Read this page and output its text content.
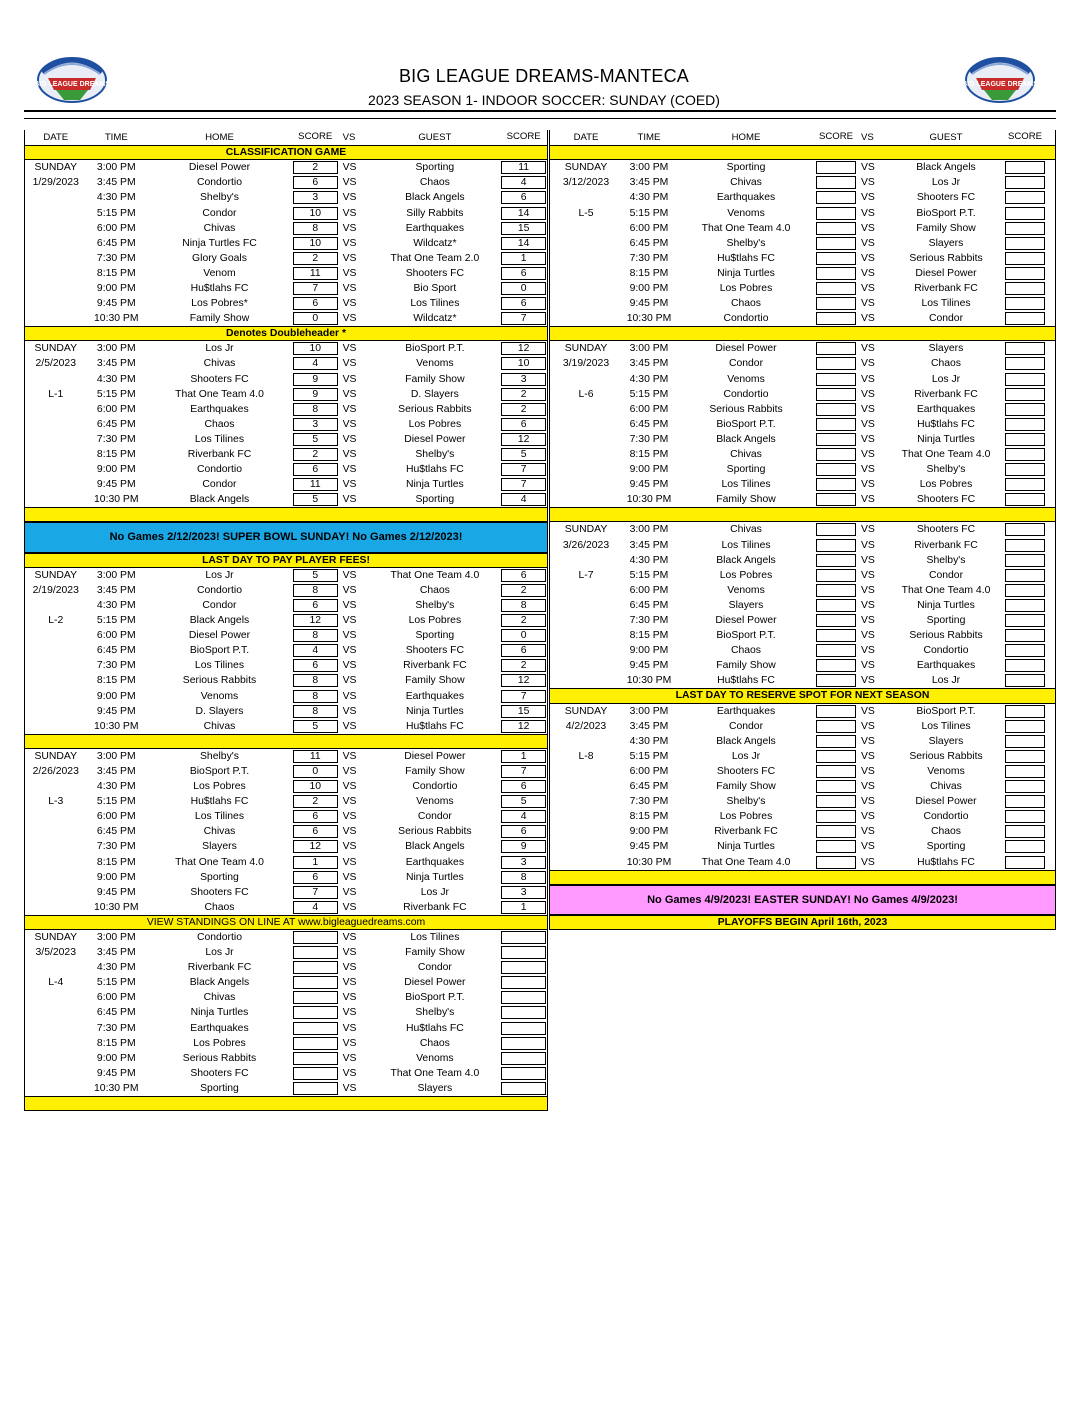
BIG LEAGUE DREAMS	BIG LEAGUE DREAMS
BIG LEAGUE DREAMS-MANTECA
2023 SEASON 1- INDOOR SOCCER: SUNDAY (COED)
DATE	TIME	HOME	SCORE	VS	GUEST	SCORE
CLASSIFICATION GAME
SUNDAY	3:00 PM	Diesel Power	2	VS	Sporting	11
1/29/2023	3:45 PM	Condortio	6	VS	Chaos	4
4:30 PM	Shelby's	3	VS	Black Angels	6
5:15 PM	Condor	10	VS	Silly Rabbits	14
6:00 PM	Chivas	8	VS	Earthquakes	15
6:45 PM	Ninja Turtles FC	10	VS	Wildcatz*	14
7:30 PM	Glory Goals	2	VS	That One Team 2.0	1
8:15 PM	Venom	11	VS	Shooters FC	6
9:00 PM	Hu$tlahs FC	7	VS	Bio Sport	0
9:45 PM	Los Pobres*	6	VS	Los Tilines	6
10:30 PM	Family Show	0	VS	Wildcatz*	7
Denotes Doubleheader *
SUNDAY	3:00 PM	Los Jr	10	VS	BioSport P.T.	12
2/5/2023	3:45 PM	Chivas	4	VS	Venoms	10
4:30 PM	Shooters FC	9	VS	Family Show	3
L-1	5:15 PM	That One Team 4.0	9	VS	D. Slayers	2
6:00 PM	Earthquakes	8	VS	Serious Rabbits	2
6:45 PM	Chaos	3	VS	Los Pobres	6
7:30 PM	Los Tilines	5	VS	Diesel Power	12
8:15 PM	Riverbank FC	2	VS	Shelby's	5
9:00 PM	Condortio	6	VS	Hu$tlahs FC	7
9:45 PM	Condor	11	VS	Ninja Turtles	7
10:30 PM	Black Angels	5	VS	Sporting	4
No Games 2/12/2023! SUPER BOWL SUNDAY! No Games 2/12/2023!
LAST DAY TO PAY PLAYER FEES!
SUNDAY	3:00 PM	Los Jr	5	VS	That One Team 4.0	6
2/19/2023	3:45 PM	Condortio	8	VS	Chaos	2
4:30 PM	Condor	6	VS	Shelby's	8
L-2	5:15 PM	Black Angels	12	VS	Los Pobres	2
6:00 PM	Diesel Power	8	VS	Sporting	0
6:45 PM	BioSport P.T.	4	VS	Shooters FC	6
7:30 PM	Los Tilines	6	VS	Riverbank FC	2
8:15 PM	Serious Rabbits	8	VS	Family Show	12
9:00 PM	Venoms	8	VS	Earthquakes	7
9:45 PM	D. Slayers	8	VS	Ninja Turtles	15
10:30 PM	Chivas	5	VS	Hu$tlahs FC	12
SUNDAY	3:00 PM	Shelby's	11	VS	Diesel Power	1
2/26/2023	3:45 PM	BioSport P.T.	0	VS	Family Show	7
4:30 PM	Los Pobres	10	VS	Condortio	6
L-3	5:15 PM	Hu$tlahs FC	2	VS	Venoms	5
6:00 PM	Los Tilines	6	VS	Condor	4
6:45 PM	Chivas	6	VS	Serious Rabbits	6
7:30 PM	Slayers	12	VS	Black Angels	9
8:15 PM	That One Team 4.0	1	VS	Earthquakes	3
9:00 PM	Sporting	6	VS	Ninja Turtles	8
9:45 PM	Shooters FC	7	VS	Los Jr	3
10:30 PM	Chaos	4	VS	Riverbank FC	1
VIEW STANDINGS ON LINE AT www.bigleaguedreams.com
SUNDAY	3:00 PM	Condortio	VS	Los Tilines
3/5/2023	3:45 PM	Los Jr	VS	Family Show
4:30 PM	Riverbank FC	VS	Condor
L-4	5:15 PM	Black Angels	VS	Diesel Power
6:00 PM	Chivas	VS	BioSport P.T.
6:45 PM	Ninja Turtles	VS	Shelby's
7:30 PM	Earthquakes	VS	Hu$tlahs FC
8:15 PM	Los Pobres	VS	Chaos
9:00 PM	Serious Rabbits	VS	Venoms
9:45 PM	Shooters FC	VS	That One Team 4.0
10:30 PM	Sporting	VS	Slayers
DATE	TIME	HOME	SCORE VS	GUEST	SCORE
SUNDAY	3:00 PM	Sporting	VS	Black Angels
3/12/2023	3:45 PM	Chivas	VS	Los Jr
4:30 PM	Earthquakes	VS	Shooters FC
L-5	5:15 PM	Venoms	VS	BioSport P.T.
6:00 PM	That One Team 4.0	VS	Family Show
6:45 PM	Shelby's	VS	Slayers
7:30 PM	Hu$tlahs FC	VS	Serious Rabbits
8:15 PM	Ninja Turtles	VS	Diesel Power
9:00 PM	Los Pobres	VS	Riverbank FC
9:45 PM	Chaos	VS	Los Tilines
10:30 PM	Condortio	VS	Condor
SUNDAY	3:00 PM	Diesel Power	VS	Slayers
3/19/2023	3:45 PM	Condor	VS	Chaos
4:30 PM	Venoms	VS	Los Jr
L-6	5:15 PM	Condortio	VS	Riverbank FC
6:00 PM	Serious Rabbits	VS	Earthquakes
6:45 PM	BioSport P.T.	VS	Hu$tlahs FC
7:30 PM	Black Angels	VS	Ninja Turtles
8:15 PM	Chivas	VS	That One Team 4.0
9:00 PM	Sporting	VS	Shelby's
9:45 PM	Los Tilines	VS	Los Pobres
10:30 PM	Family Show	VS	Shooters FC
SUNDAY	3:00 PM	Chivas	VS	Shooters FC
3/26/2023	3:45 PM	Los Tilines	VS	Riverbank FC
4:30 PM	Black Angels	VS	Shelby's
L-7	5:15 PM	Los Pobres	VS	Condor
6:00 PM	Venoms	VS	That One Team 4.0
6:45 PM	Slayers	VS	Ninja Turtles
7:30 PM	Diesel Power	VS	Sporting
8:15 PM	BioSport P.T.	VS	Serious Rabbits
9:00 PM	Chaos	VS	Condortio
9:45 PM	Family Show	VS	Earthquakes
10:30 PM	Hu$tlahs FC	VS	Los Jr
LAST DAY TO RESERVE SPOT FOR NEXT SEASON
SUNDAY	3:00 PM	Earthquakes	VS	BioSport P.T.
4/2/2023	3:45 PM	Condor	VS	Los Tilines
4:30 PM	Black Angels	VS	Slayers
L-8	5:15 PM	Los Jr	VS	Serious Rabbits
6:00 PM	Shooters FC	VS	Venoms
6:45 PM	Family Show	VS	Chivas
7:30 PM	Shelby's	VS	Diesel Power
8:15 PM	Los Pobres	VS	Condortio
9:00 PM	Riverbank FC	VS	Chaos
9:45 PM	Ninja Turtles	VS	Sporting
10:30 PM	That One Team 4.0	VS	Hu$tlahs FC
No Games 4/9/2023! EASTER SUNDAY! No Games 4/9/2023!
PLAYOFFS BEGIN April 16th, 2023
